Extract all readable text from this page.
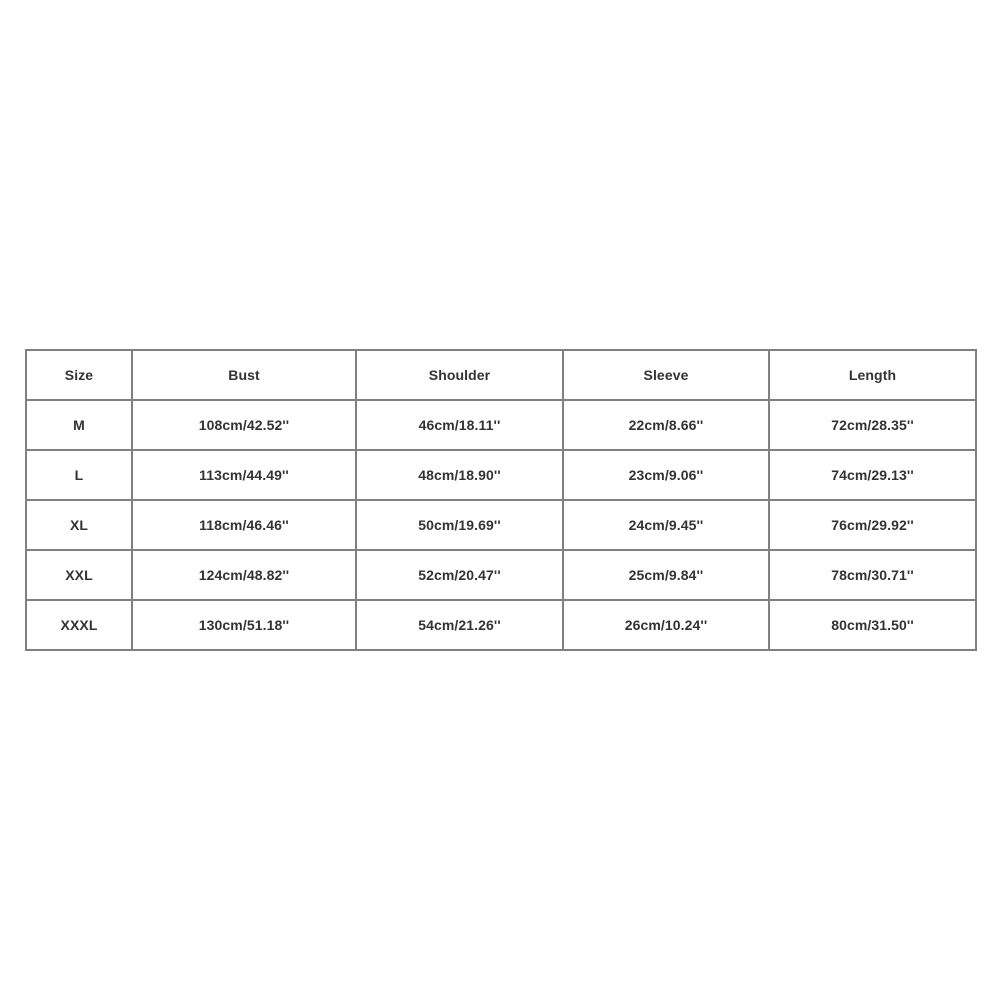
Size	Bust	Shoulder	Sleeve	Length
M	108cm/42.52''	46cm/18.11''	22cm/8.66''	72cm/28.35''
L	113cm/44.49''	48cm/18.90''	23cm/9.06''	74cm/29.13''
XL	118cm/46.46''	50cm/19.69''	24cm/9.45''	76cm/29.92''
XXL	124cm/48.82''	52cm/20.47''	25cm/9.84''	78cm/30.71''
XXXL	130cm/51.18''	54cm/21.26''	26cm/10.24''	80cm/31.50''
